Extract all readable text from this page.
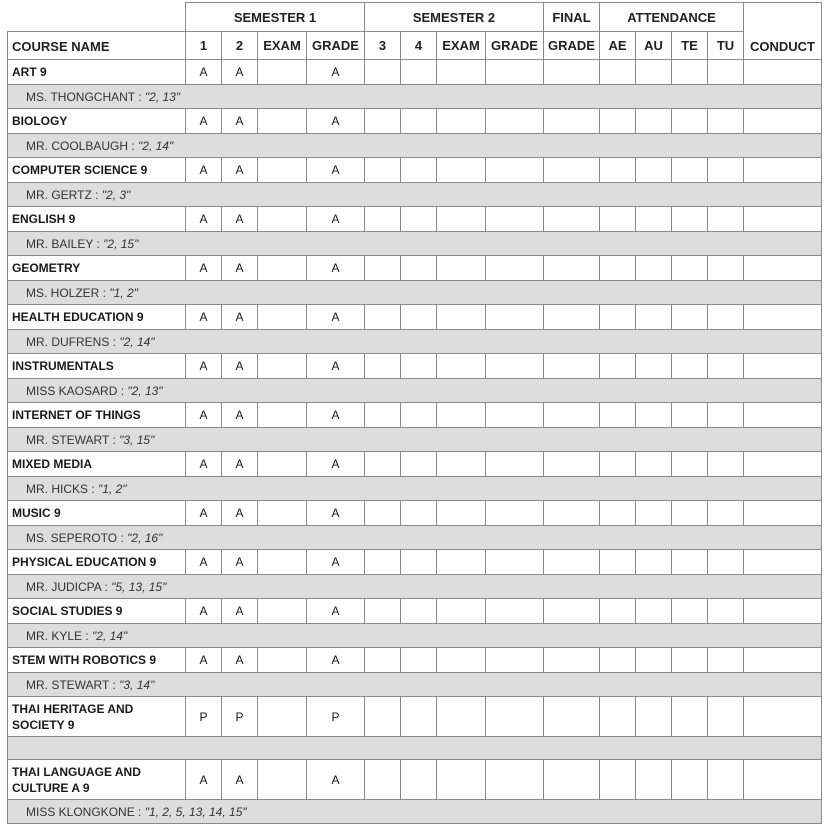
	SEMESTER 1				SEMESTER 2				FINAL	ATTENDANCE				CONDUCT
COURSE NAME	1	2	EXAM	GRADE	3	4	EXAM	GRADE	GRADE	AE	AU	TE	TU	
ART 9	A	A		A										
MS. THONGCHANT : "2, 13"														
BIOLOGY	A	A		A										
MR. COOLBAUGH : "2, 14"														
COMPUTER SCIENCE 9	A	A		A										
MR. GERTZ : "2, 3"														
ENGLISH 9	A	A		A										
MR. BAILEY : "2, 15"														
GEOMETRY	A	A		A										
MS. HOLZER : "1, 2"														
HEALTH EDUCATION 9	A	A		A										
MR. DUFRENS : "2, 14"														
INSTRUMENTALS	A	A		A										
MISS KAOSARD : "2, 13"														
INTERNET OF THINGS	A	A		A										
MR. STEWART : "3, 15"														
MIXED MEDIA	A	A		A										
MR. HICKS : "1, 2"														
MUSIC 9	A	A		A										
MS. SEPEROTO : "2, 16"														
PHYSICAL EDUCATION 9	A	A		A										
MR. JUDICPA : "5, 13, 15"														
SOCIAL STUDIES 9	A	A		A										
MR. KYLE : "2, 14"														
STEM WITH ROBOTICS 9	A	A		A										
MR. STEWART : "3, 14"														
THAI HERITAGE AND SOCIETY 9	P	P		P										

THAI LANGUAGE AND CULTURE A 9	A	A		A										
MISS KLONGKONE : "1, 2, 5, 13, 14, 15"														
